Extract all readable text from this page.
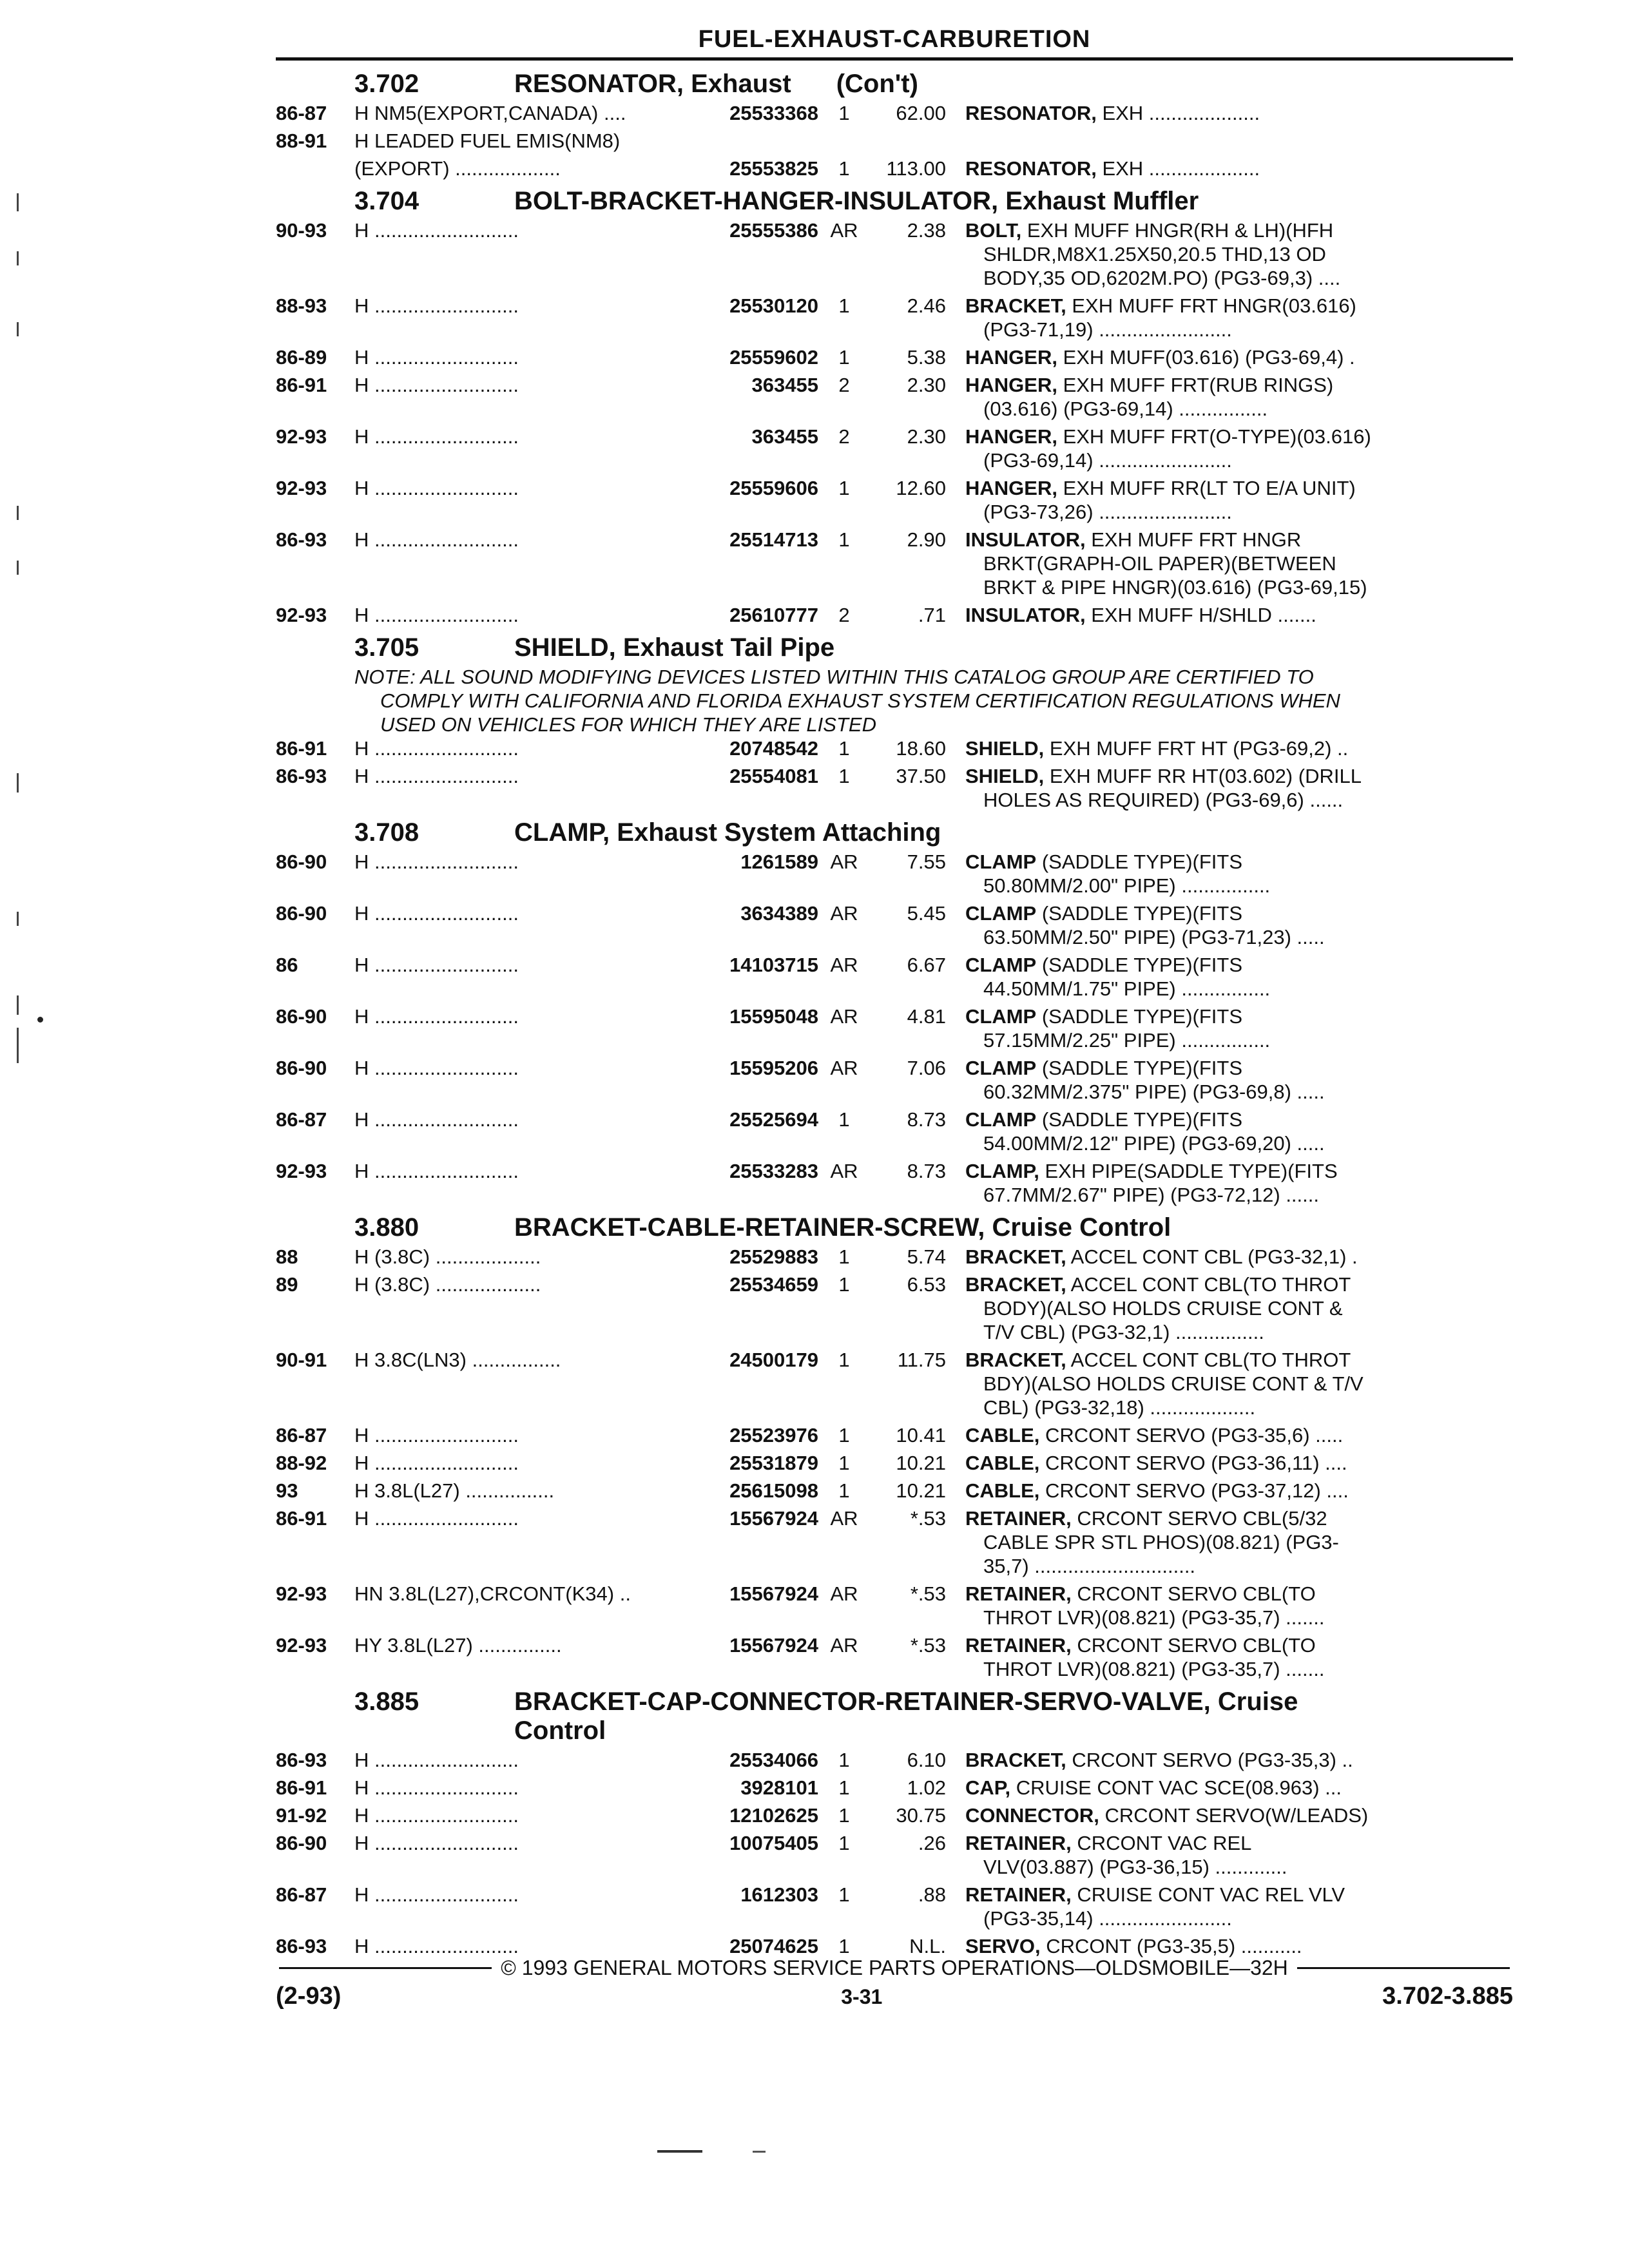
FUEL-EXHAUST-CARBURETION
3.702	RESONATOR, Exhaust (Con't)
86-87	H NM5(EXPORT,CANADA) ....	25533368	1	62.00 RESONATOR, EXH ....................
88-91	H LEADED FUEL EMIS(NM8)
(EXPORT) ...................	25553825	1	113.00 RESONATOR, EXH ....................
3.704	BOLT-BRACKET-HANGER-INSULATOR, Exhaust Muffler
90-93	H ..........................	25555386 AR	2.38 BOLT, EXH MUFF HNGR(RH & LH)(HFH
SHLDR,M8X1.25X50,20.5 THD,13 OD
BODY,35 OD,6202M.PO) (PG3-69,3) ....
88-93	H ..........................	25530120	1	2.46 BRACKET, EXH MUFF FRT HNGR(03.616)
(PG3-71,19) ........................
86-89	H ..........................	25559602	1	5.38 HANGER, EXH MUFF(03.616) (PG3-69,4) .
86-91	H ..........................	363455	2	2.30 HANGER, EXH MUFF FRT(RUB RINGS)
(03.616) (PG3-69,14) ................
92-93	H ..........................	363455	2	2.30 HANGER, EXH MUFF FRT(O-TYPE)(03.616)
(PG3-69,14) ........................
92-93	H ..........................	25559606	1	12.60 HANGER, EXH MUFF RR(LT TO E/A UNIT)
(PG3-73,26) ........................
86-93	H ..........................	25514713	1	2.90 INSULATOR, EXH MUFF FRT HNGR
BRKT(GRAPH-OIL PAPER)(BETWEEN
BRKT & PIPE HNGR)(03.616) (PG3-69,15)
92-93	H ..........................	25610777	2	.71 INSULATOR, EXH MUFF H/SHLD .......
3.705	SHIELD, Exhaust Tail Pipe
NOTE: ALL SOUND MODIFYING DEVICES LISTED WITHIN THIS CATALOG GROUP ARE CERTIFIED TO
COMPLY WITH CALIFORNIA AND FLORIDA EXHAUST SYSTEM CERTIFICATION REGULATIONS WHEN
USED ON VEHICLES FOR WHICH THEY ARE LISTED
86-91	H ..........................	20748542	1	18.60 SHIELD, EXH MUFF FRT HT (PG3-69,2) ..
86-93	H ..........................	25554081	1	37.50 SHIELD, EXH MUFF RR HT(03.602) (DRILL
HOLES AS REQUIRED) (PG3-69,6) ......
3.708	CLAMP, Exhaust System Attaching
86-90	H ..........................	1261589 AR	7.55 CLAMP (SADDLE TYPE)(FITS
50.80MM/2.00" PIPE) ................
86-90	H ..........................	3634389 AR	5.45 CLAMP (SADDLE TYPE)(FITS
63.50MM/2.50" PIPE) (PG3-71,23) .....
86	H ..........................	14103715 AR	6.67 CLAMP (SADDLE TYPE)(FITS
44.50MM/1.75" PIPE) ................
86-90	H ..........................	15595048 AR	4.81 CLAMP (SADDLE TYPE)(FITS
57.15MM/2.25" PIPE) ................
86-90	H ..........................	15595206 AR	7.06 CLAMP (SADDLE TYPE)(FITS
60.32MM/2.375" PIPE) (PG3-69,8) .....
86-87	H ..........................	25525694	1	8.73 CLAMP (SADDLE TYPE)(FITS
54.00MM/2.12" PIPE) (PG3-69,20) .....
92-93	H ..........................	25533283 AR	8.73 CLAMP, EXH PIPE(SADDLE TYPE)(FITS
67.7MM/2.67" PIPE) (PG3-72,12) ......
3.880	BRACKET-CABLE-RETAINER-SCREW, Cruise Control
88	H (3.8C) ...................	25529883	1	5.74 BRACKET, ACCEL CONT CBL (PG3-32,1) .
89	H (3.8C) ...................	25534659	1	6.53 BRACKET, ACCEL CONT CBL(TO THROT
BODY)(ALSO HOLDS CRUISE CONT &
T/V CBL) (PG3-32,1) ................
90-91	H 3.8C(LN3) ................	24500179	1	11.75 BRACKET, ACCEL CONT CBL(TO THROT
BDY)(ALSO HOLDS CRUISE CONT & T/V
CBL) (PG3-32,18) ...................
86-87	H ..........................	25523976	1	10.41 CABLE, CRCONT SERVO (PG3-35,6) .....
88-92	H ..........................	25531879	1	10.21 CABLE, CRCONT SERVO (PG3-36,11) ....
93	H 3.8L(L27) ................	25615098	1	10.21 CABLE, CRCONT SERVO (PG3-37,12) ....
86-91	H ..........................	15567924 AR	*.53 RETAINER, CRCONT SERVO CBL(5/32
CABLE SPR STL PHOS)(08.821) (PG3-
35,7) .............................
92-93	HN 3.8L(L27),CRCONT(K34) ..	15567924 AR	*.53 RETAINER, CRCONT SERVO CBL(TO
THROT LVR)(08.821) (PG3-35,7) .......
92-93	HY 3.8L(L27) ...............	15567924 AR	*.53 RETAINER, CRCONT SERVO CBL(TO
THROT LVR)(08.821) (PG3-35,7) .......
3.885	BRACKET-CAP-CONNECTOR-RETAINER-SERVO-VALVE, Cruise
Control
86-93	H ..........................	25534066	1	6.10 BRACKET, CRCONT SERVO (PG3-35,3) ..
86-91	H ..........................	3928101	1	1.02 CAP, CRUISE CONT VAC SCE(08.963) ...
91-92	H ..........................	12102625	1	30.75 CONNECTOR, CRCONT SERVO(W/LEADS)
86-90	H ..........................	10075405	1	.26 RETAINER, CRCONT VAC REL
VLV(03.887) (PG3-36,15) .............
86-87	H ..........................	1612303	1	.88 RETAINER, CRUISE CONT VAC REL VLV
(PG3-35,14) ........................
86-93	H ..........................	25074625	1	N.L. SERVO, CRCONT (PG3-35,5) ...........
© 1993 GENERAL MOTORS SERVICE PARTS OPERATIONS—OLDSMOBILE—32H
(2-93)	3-31	3.702-3.885
